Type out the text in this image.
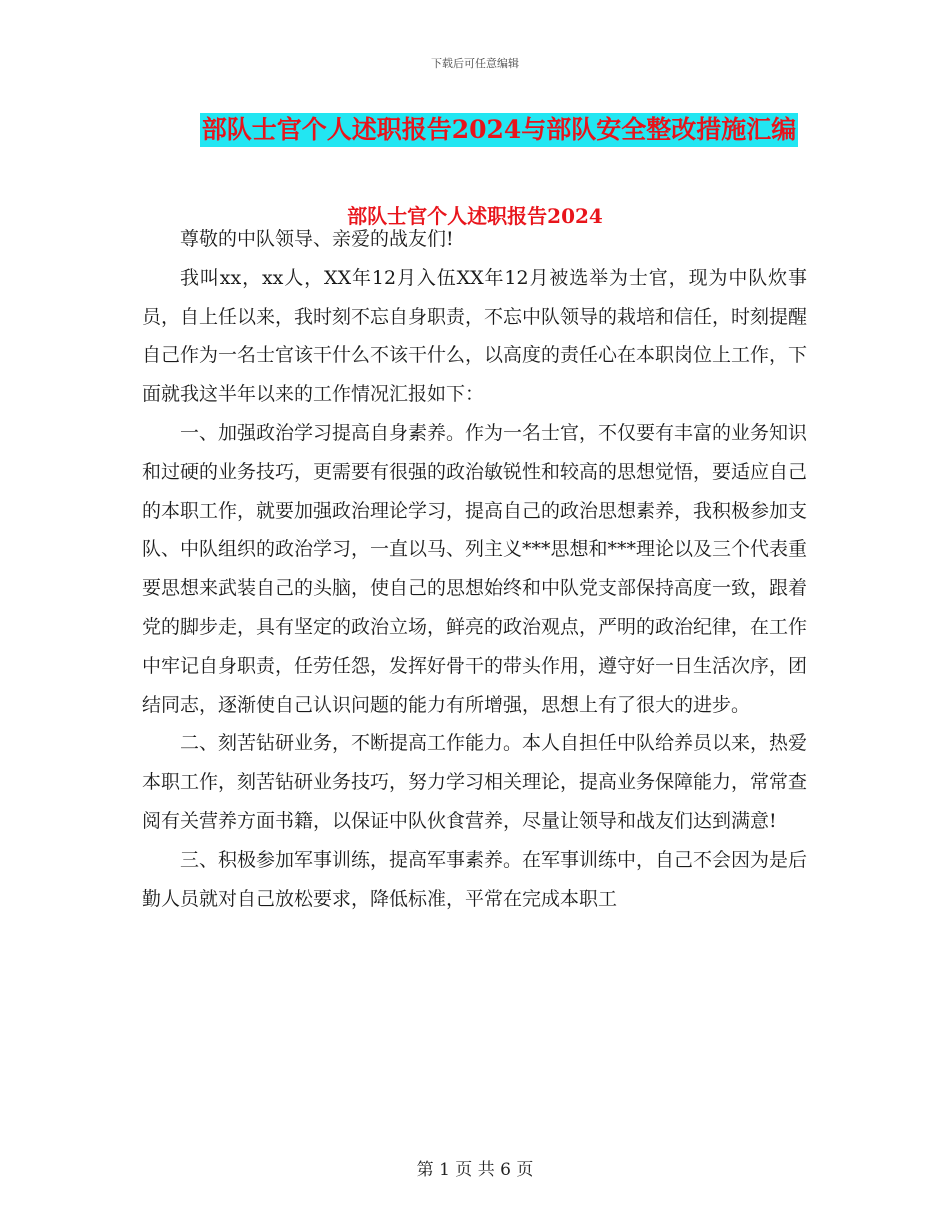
下载后可任意编辑
部队士官个人述职报告2024与部队安全整改措施汇编
部队士官个人述职报告2024

尊敬的中队领导、亲爱的战友们!

我叫xx，xx人，XX年12月入伍XX年12月被选举为士官，现为中队炊事员，自上任以来，我时刻不忘自身职责，不忘中队领导的栽培和信任，时刻提醒自己作为一名士官该干什么不该干什么，以高度的责任心在本职岗位上工作，下面就我这半年以来的工作情况汇报如下：

一、加强政治学习提高自身素养。作为一名士官，不仅要有丰富的业务知识和过硬的业务技巧，更需要有很强的政治敏锐性和较高的思想觉悟，要适应自己的本职工作，就要加强政治理论学习，提高自己的政治思想素养，我积极参加支队、中队组织的政治学习，一直以马、列主义***思想和***理论以及三个代表重要思想来武装自己的头脑，使自己的思想始终和中队党支部保持高度一致，跟着党的脚步走，具有坚定的政治立场，鲜亮的政治观点，严明的政治纪律，在工作中牢记自身职责，任劳任怨，发挥好骨干的带头作用，遵守好一日生活次序，团结同志，逐渐使自己认识问题的能力有所增强，思想上有了很大的进步。

二、刻苦钻研业务，不断提高工作能力。本人自担任中队给养员以来，热爱本职工作，刻苦钻研业务技巧，努力学习相关理论，提高业务保障能力，常常查阅有关营养方面书籍，以保证中队伙食营养，尽量让领导和战友们达到满意!

三、积极参加军事训练，提高军事素养。在军事训练中，自己不会因为是后勤人员就对自己放松要求，降低标准，平常在完成本职工

第 1 页 共 6 页
